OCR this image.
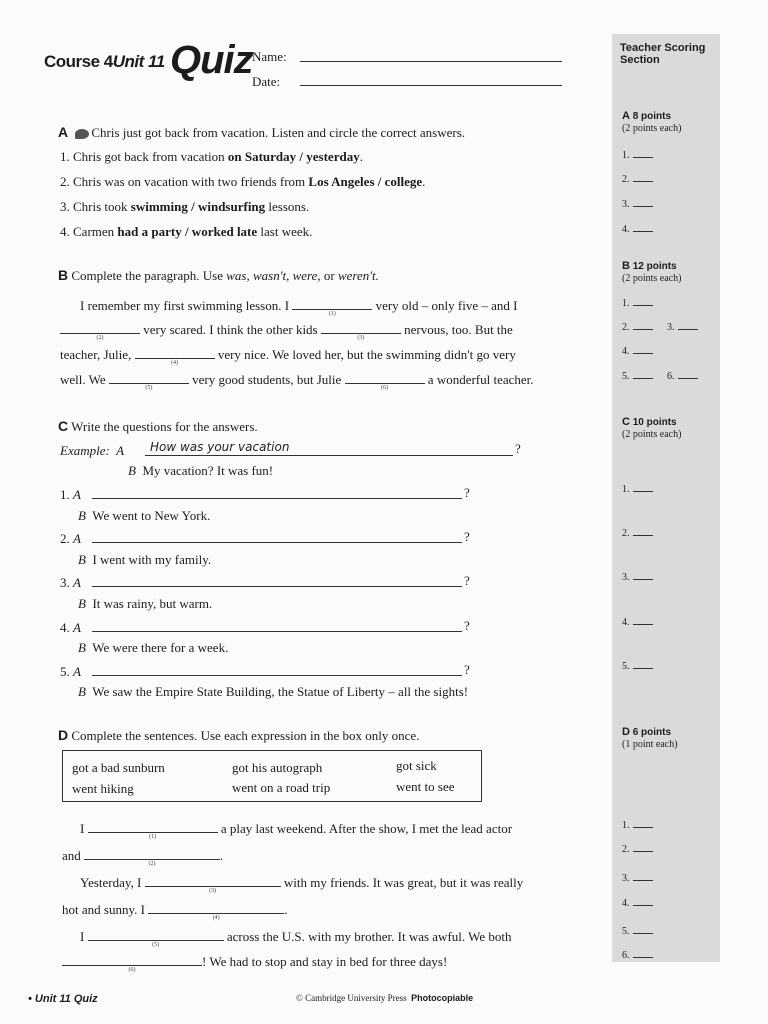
Teacher Scoring
Section
A 8 points
(2 points each)
1.
2.
3.
4.
B 12 points
(2 points each)
1.
2.	3.
4.
5.	6.
C 10 points
(2 points each)
1.
2.
3.
4.
5.
D 6 points
(1 point each)
1.
2.
3.
4.
5.
6.
Course 4Unit 11 Quiz Name:
Date:
A Chris just got back from vacation. Listen and circle the correct answers.
1. Chris got back from vacation on Saturday / yesterday.
2. Chris was on vacation with two friends from Los Angeles / college.
3. Chris took swimming / windsurfing lessons.
4. Carmen had a party / worked late last week.
B Complete the paragraph. Use was, wasn't, were, or weren't.
I remember my first swimming lesson. I
(1)
very old – only five – and I
(2)
very scared. I think the other kids
(3)
nervous, too. But the
teacher, Julie,
(4)
very nice. We loved her, but the swimming didn't go very
well. We
(5)
very good students, but Julie
(6)
a wonderful teacher.
C Write the questions for the answers.
Example: A How was your vacation	?
B My vacation? It was fun!
1. A	?
B We went to New York.
2. A	?
B I went with my family.
3. A	?
B It was rainy, but warm.
4. A	?
B We were there for a week.
5. A	?
B We saw the Empire State Building, the Statue of Liberty – all the sights!
D Complete the sentences. Use each expression in the box only once.
got a bad sunburn	got his autograph	got sick
went hiking	went on a road trip	went to see
I
(1)
a play last weekend. After the show, I met the lead actor
and
(2)
.
Yesterday, I
(3)
with my friends. It was great, but it was really
hot and sunny. I
(4)
.
I
(5)
across the U.S. with my brother. It was awful. We both
(6)
! We had to stop and stay in bed for three days!
• Unit 11 Quiz	© Cambridge University Press Photocopiable
